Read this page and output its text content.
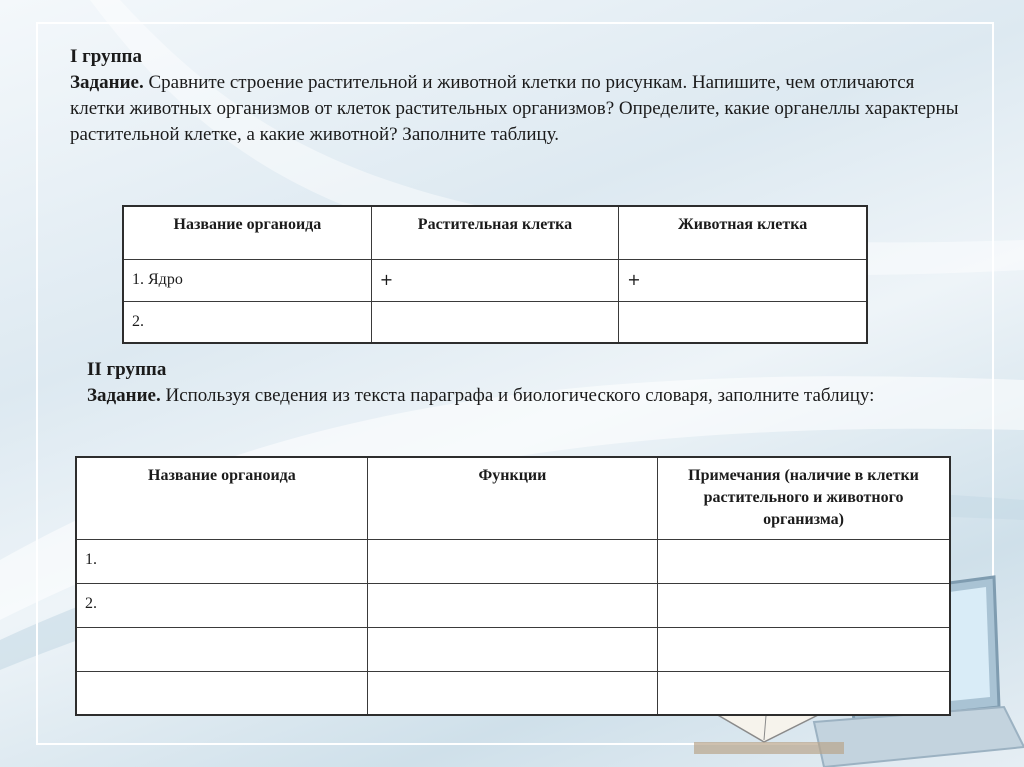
I группа
Задание. Сравните строение растительной и животной клетки по рисункам. Напишите, чем отличаются клетки животных организмов от клеток растительных организмов? Определите, какие органеллы характерны растительной клетке, а какие животной? Заполните таблицу.
Название органоида	Растительная клетка	Животная клетка
1. Ядро	+	+
2.		
II группа
Задание. Используя сведения из текста параграфа и биологического словаря, заполните таблицу:
Название органоида	Функции	Примечания (наличие в клетки растительного и животного организма)
1.		
2.		
